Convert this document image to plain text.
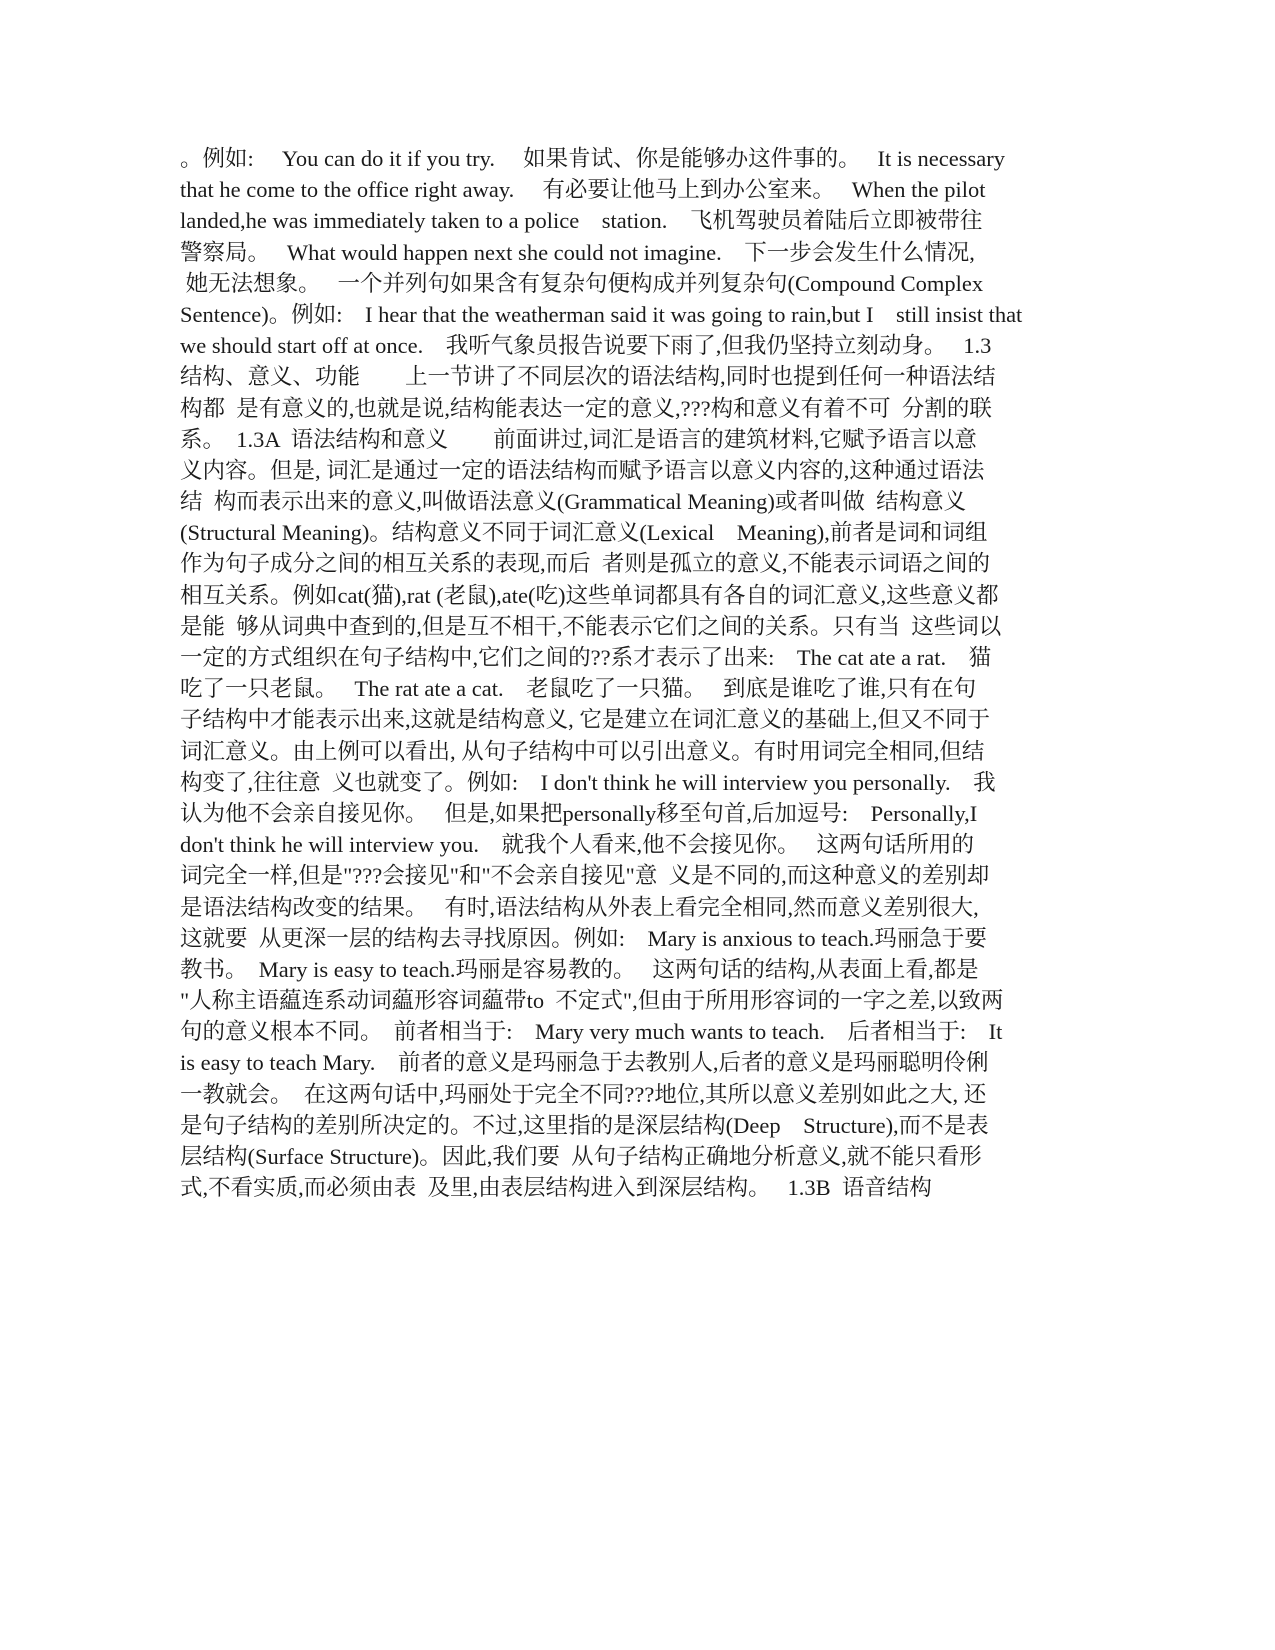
。例如:　 You can do it if you try.　 如果肯试、你是能够办这件事的。　 It is necessary
that he come to the office right away.　 有必要让他马上到办公室来。　 When the pilot
landed,he was immediately taken to a police　station.　飞机驾驶员着陆后立即被带往
警察局。　 What would happen next she could not imagine.　下一步会发生什么情况,
她无法想象。　 一个并列句如果含有复杂句便构成并列复杂句(Compound Complex
Sentence)。例如:　I hear that the weatherman said it was going to rain,but I　still insist that
we should start off at once.　我听气象员报告说要下雨了,但我仍坚持立刻动身。　 1.3
结构、意义、功能　　上一节讲了不同层次的语法结构,同时也提到任何一种语法结
构都  是有意义的,也就是说,结构能表达一定的意义,???构和意义有着不可  分割的联
系。　1.3A  语法结构和意义　　前面讲过,词汇是语言的建筑材料,它赋予语言以意
义内容。但是, 词汇是通过一定的语法结构而赋予语言以意义内容的,这种通过语法
结  构而表示出来的意义,叫做语法意义(Grammatical Meaning)或者叫做  结构意义
(Structural Meaning)。结构意义不同于词汇意义(Lexical　Meaning),前者是词和词组
作为句子成分之间的相互关系的表现,而后  者则是孤立的意义,不能表示词语之间的
相互关系。例如cat(猫),rat (老鼠),ate(吃)这些单词都具有各自的词汇意义,这些意义都
是能  够从词典中查到的,但是互不相干,不能表示它们之间的关系。只有当  这些词以
一定的方式组织在句子结构中,它们之间的??系才表示了出来:　The cat ate a rat.　猫
吃了一只老鼠。　 The rat ate a cat.　老鼠吃了一只猫。　 到底是谁吃了谁,只有在句
子结构中才能表示出来,这就是结构意义, 它是建立在词汇意义的基础上,但又不同于
词汇意义。由上例可以看出, 从句子结构中可以引出意义。有时用词完全相同,但结
构变了,往往意  义也就变了。例如:　I don't think he will interview you personally.　我
认为他不会亲自接见你。　 但是,如果把personally移至句首,后加逗号:　Personally,I
don't think he will interview you.　就我个人看来,他不会接见你。　 这两句话所用的
词完全一样,但是"???会接见"和"不会亲自接见"意  义是不同的,而这种意义的差别却
是语法结构改变的结果。　 有时,语法结构从外表上看完全相同,然而意义差别很大,
这就要  从更深一层的结构去寻找原因。例如:　Mary is anxious to teach.玛丽急于要
教书。　Mary is easy to teach.玛丽是容易教的。　 这两句话的结构,从表面上看,都是
"人称主语藴连系动词藴形容词藴带to  不定式",但由于所用形容词的一字之差,以致两
句的意义根本不同。　前者相当于:　Mary very much wants to teach.　后者相当于:　It
is easy to teach Mary.　前者的意义是玛丽急于去教别人,后者的意义是玛丽聪明伶俐
一教就会。　在这两句话中,玛丽处于完全不同???地位,其所以意义差别如此之大, 还
是句子结构的差别所决定的。不过,这里指的是深层结构(Deep　Structure),而不是表
层结构(Surface Structure)。因此,我们要  从句子结构正确地分析意义,就不能只看形
式,不看实质,而必须由表  及里,由表层结构进入到深层结构。　 1.3B  语音结构
